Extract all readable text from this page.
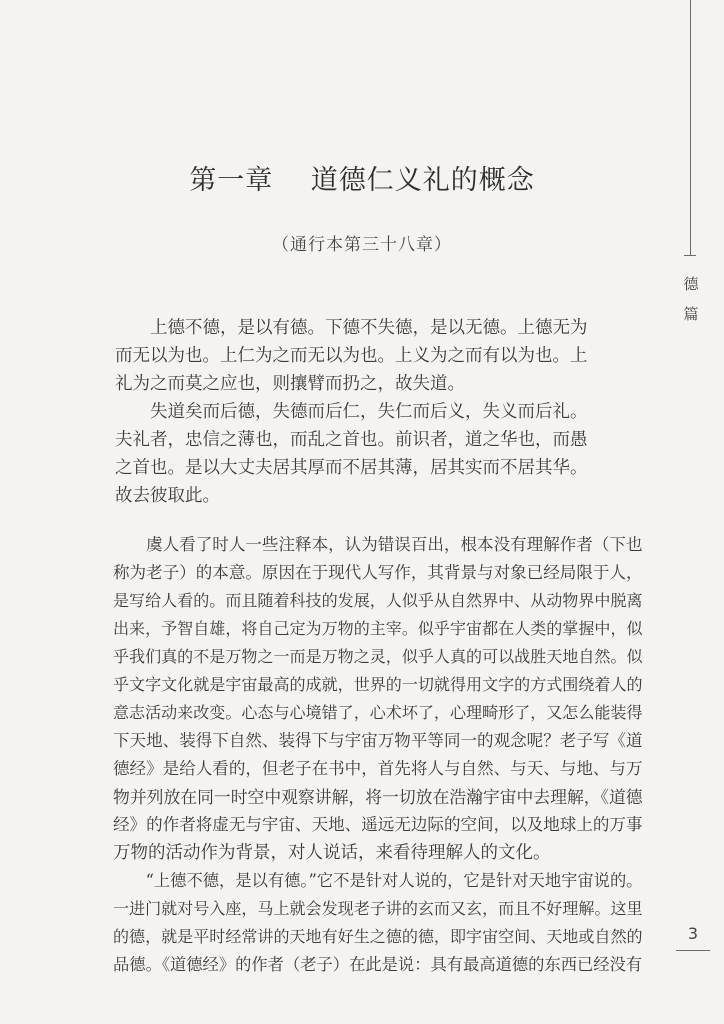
德
篇
第一章　 道德仁义礼的概念
（通行本第三十八章）
　　上德不德，是以有德。下德不失德，是以无德。上德无为
而无以为也。上仁为之而无以为也。上义为之而有以为也。上
礼为之而莫之应也，则攘臂而扔之，故失道。
　　失道矣而后德，失德而后仁，失仁而后义，失义而后礼。
夫礼者，忠信之薄也，而乱之首也。前识者，道之华也，而愚
之首也。是以大丈夫居其厚而不居其薄，居其实而不居其华。
故去彼取此。
　　虞人看了时人一些注释本，认为错误百出，根本没有理解作者（下也
称为老子）的本意。原因在于现代人写作，其背景与对象已经局限于人，
是写给人看的。而且随着科技的发展，人似乎从自然界中、从动物界中脱离
出来，予智自雄，将自己定为万物的主宰。似乎宇宙都在人类的掌握中，似
乎我们真的不是万物之一而是万物之灵，似乎人真的可以战胜天地自然。似
乎文字文化就是宇宙最高的成就，世界的一切就得用文字的方式围绕着人的
意志活动来改变。心态与心境错了，心术坏了，心理畸形了，又怎么能装得
下天地、装得下自然、装得下与宇宙万物平等同一的观念呢？老子写《道
德经》是给人看的，但老子在书中，首先将人与自然、与天、与地、与万
物并列放在同一时空中观察讲解，将一切放在浩瀚宇宙中去理解，《道德
经》的作者将虚无与宇宙、天地、遥远无边际的空间，以及地球上的万事
万物的活动作为背景，对人说话，来看待理解人的文化。
　　“上德不德，是以有德。”它不是针对人说的，它是针对天地宇宙说的。
一进门就对号入座，马上就会发现老子讲的玄而又玄，而且不好理解。这里
的德，就是平时经常讲的天地有好生之德的德，即宇宙空间、天地或自然的
品德。《道德经》的作者（老子）在此是说：具有最高道德的东西已经没有
3
